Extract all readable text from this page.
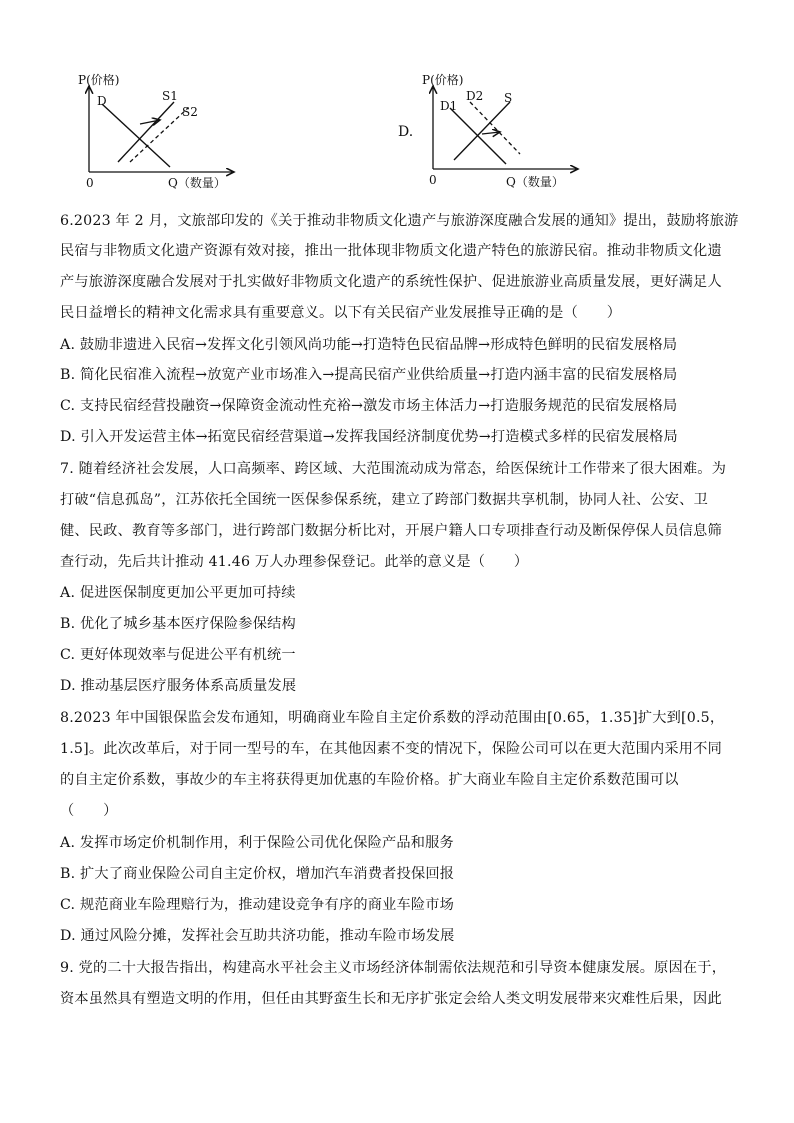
P(价格)
0	Q（数量）
D	S1
S2
D.
P(价格)
0	Q（数量）
D1
D2 S
6.2023 年 2 月，文旅部印发的《关于推动非物质文化遗产与旅游深度融合发展的通知》提出，鼓励将旅游
民宿与非物质文化遗产资源有效对接，推出一批体现非物质文化遗产特色的旅游民宿。推动非物质文化遗
产与旅游深度融合发展对于扎实做好非物质文化遗产的系统性保护、促进旅游业高质量发展，更好满足人
民日益增长的精神文化需求具有重要意义。以下有关民宿产业发展推导正确的是（　　）
A. 鼓励非遗进入民宿→发挥文化引领风尚功能→打造特色民宿品牌→形成特色鲜明的民宿发展格局
B. 简化民宿准入流程→放宽产业市场准入→提高民宿产业供给质量→打造内涵丰富的民宿发展格局
C. 支持民宿经营投融资→保障资金流动性充裕→激发市场主体活力→打造服务规范的民宿发展格局
D. 引入开发运营主体→拓宽民宿经营渠道→发挥我国经济制度优势→打造模式多样的民宿发展格局
7. 随着经济社会发展，人口高频率、跨区域、大范围流动成为常态，给医保统计工作带来了很大困难。为
打破“信息孤岛”，江苏依托全国统一医保参保系统，建立了跨部门数据共享机制，协同人社、公安、卫
健、民政、教育等多部门，进行跨部门数据分析比对，开展户籍人口专项排查行动及断保停保人员信息筛
查行动，先后共计推动 41.46 万人办理参保登记。此举的意义是（　　）
A. 促进医保制度更加公平更加可持续
B. 优化了城乡基本医疗保险参保结构
C. 更好体现效率与促进公平有机统一
D. 推动基层医疗服务体系高质量发展
8.2023 年中国银保监会发布通知，明确商业车险自主定价系数的浮动范围由[0.65，1.35]扩大到[0.5，
1.5]。此次改革后，对于同一型号的车，在其他因素不变的情况下，保险公司可以在更大范围内采用不同
的自主定价系数，事故少的车主将获得更加优惠的车险价格。扩大商业车险自主定价系数范围可以
（　　）
A. 发挥市场定价机制作用，利于保险公司优化保险产品和服务
B. 扩大了商业保险公司自主定价权，增加汽车消费者投保回报
C. 规范商业车险理赔行为，推动建设竞争有序的商业车险市场
D. 通过风险分摊，发挥社会互助共济功能，推动车险市场发展
9. 党的二十大报告指出，构建高水平社会主义市场经济体制需依法规范和引导资本健康发展。原因在于，
资本虽然具有塑造文明的作用，但任由其野蛮生长和无序扩张定会给人类文明发展带来灾难性后果，因此
